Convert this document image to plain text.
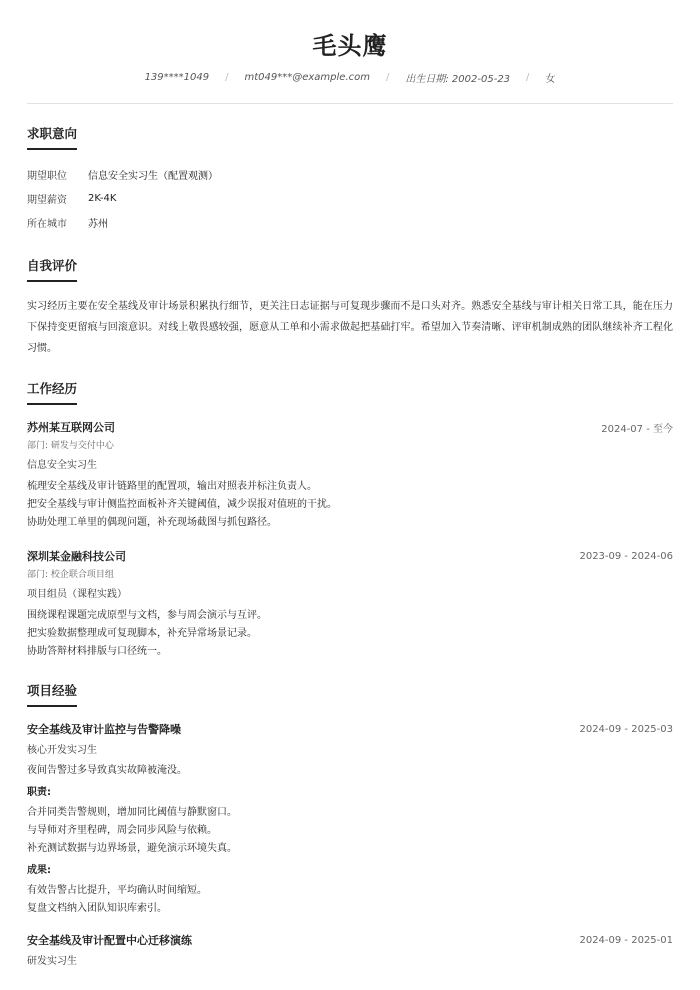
毛头鹰
139****1049 / mt049***@example.com / 出生日期: 2002-05-23 / 女
求职意向
期望职位	信息安全实习生（配置观测）
期望薪资	2K-4K
所在城市	苏州
自我评价
实习经历主要在安全基线及审计场景积累执行细节，更关注日志证据与可复现步骤而不是口头对齐。熟悉安全基线与审计相关日常工具，能在压力下保持变更留痕与回滚意识。对线上敬畏感较强，愿意从工单和小需求做起把基础打牢。希望加入节奏清晰、评审机制成熟的团队继续补齐工程化习惯。
工作经历
苏州某互联网公司	2024-07 - 至今
部门: 研发与交付中心
信息安全实习生
梳理安全基线及审计链路里的配置项，输出对照表并标注负责人。
把安全基线与审计侧监控面板补齐关键阈值，减少误报对值班的干扰。
协助处理工单里的偶现问题，补充现场截图与抓包路径。
深圳某金融科技公司	2023-09 - 2024-06
部门: 校企联合项目组
项目组员（课程实践）
围绕课程课题完成原型与文档，参与周会演示与互评。
把实验数据整理成可复现脚本，补充异常场景记录。
协助答辩材料排版与口径统一。
项目经验
安全基线及审计监控与告警降噪	2024-09 - 2025-03
核心开发实习生
夜间告警过多导致真实故障被淹没。
职责:
合并同类告警规则，增加同比阈值与静默窗口。
与导师对齐里程碑，周会同步风险与依赖。
补充测试数据与边界场景，避免演示环境失真。
成果:
有效告警占比提升，平均确认时间缩短。
复盘文档纳入团队知识库索引。
安全基线及审计配置中心迁移演练	2024-09 - 2025-01
研发实习生
